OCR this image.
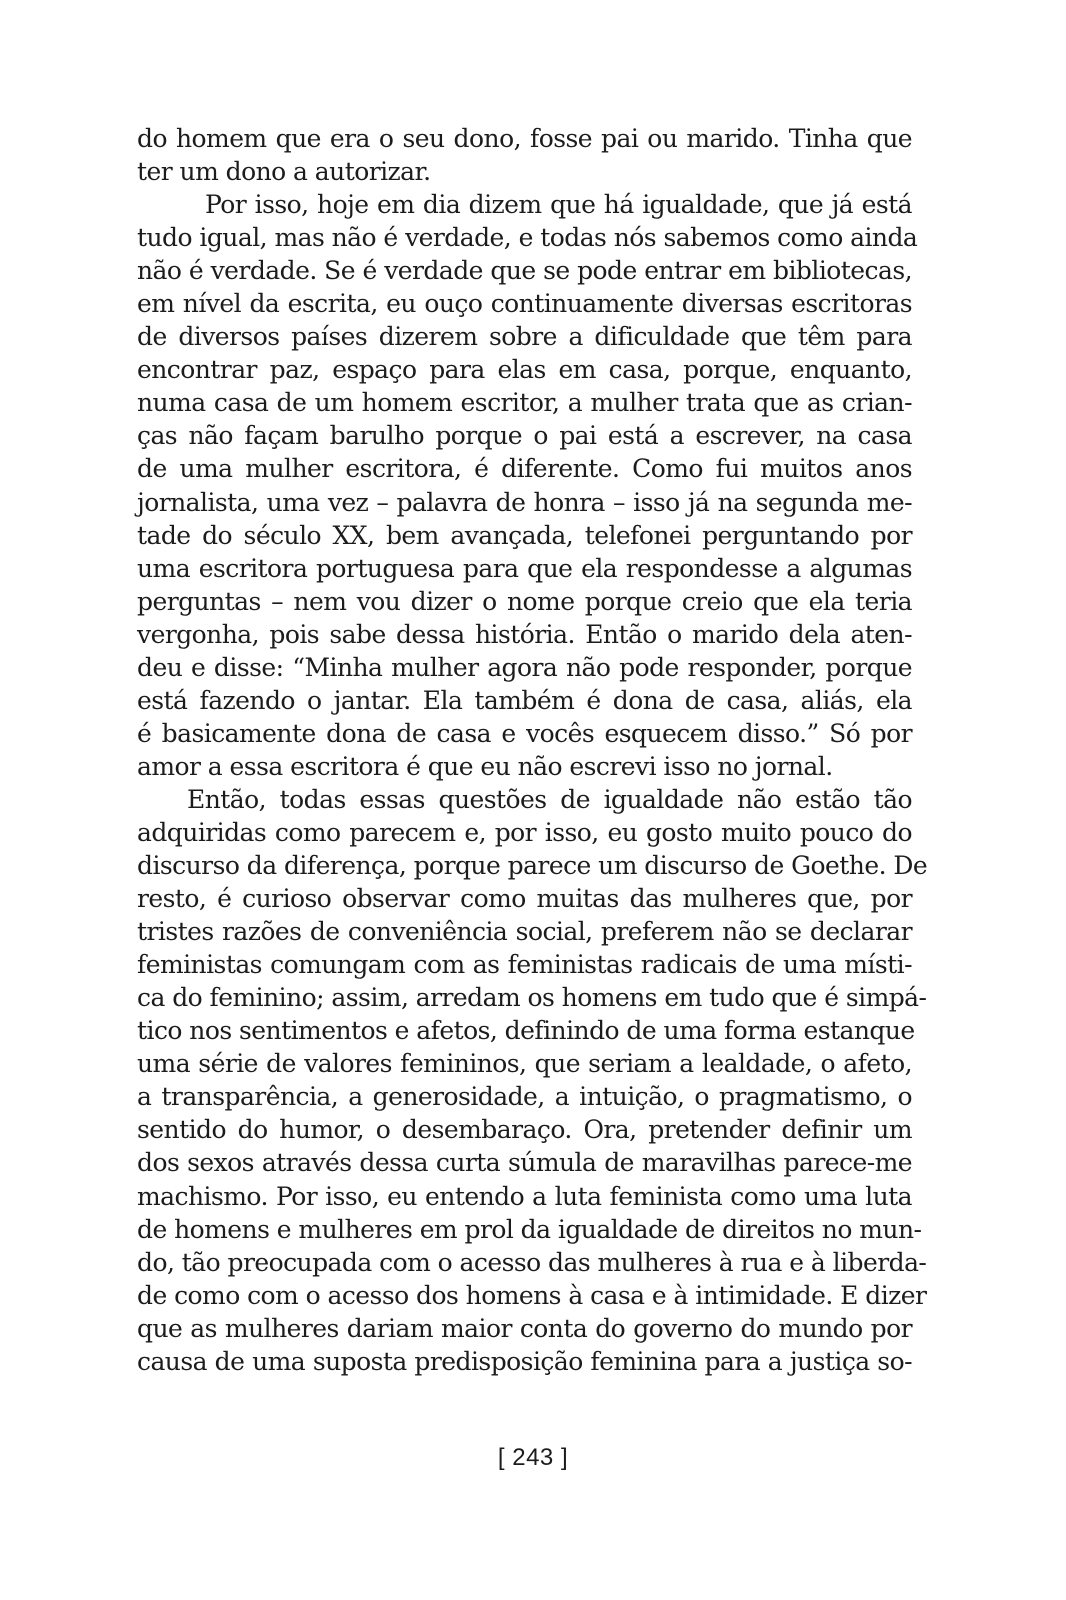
do homem que era o seu dono, fosse pai ou marido. Tinha que
ter um dono a autorizar.
Por isso, hoje em dia dizem que há igualdade, que já está
tudo igual, mas não é verdade, e todas nós sabemos como ainda
não é verdade. Se é verdade que se pode entrar em bibliotecas,
em nível da escrita, eu ouço continuamente diversas escritoras
de diversos países dizerem sobre a dificuldade que têm para
encontrar paz, espaço para elas em casa, porque, enquanto,
numa casa de um homem escritor, a mulher trata que as crian-
ças não façam barulho porque o pai está a escrever, na casa
de uma mulher escritora, é diferente. Como fui muitos anos
jornalista, uma vez – palavra de honra – isso já na segunda me-
tade do século XX, bem avançada, telefonei perguntando por
uma escritora portuguesa para que ela respondesse a algumas
perguntas – nem vou dizer o nome porque creio que ela teria
vergonha, pois sabe dessa história. Então o marido dela aten-
deu e disse: “Minha mulher agora não pode responder, porque
está fazendo o jantar. Ela também é dona de casa, aliás, ela
é basicamente dona de casa e vocês esquecem disso.” Só por
amor a essa escritora é que eu não escrevi isso no jornal.
Então, todas essas questões de igualdade não estão tão
adquiridas como parecem e, por isso, eu gosto muito pouco do
discurso da diferença, porque parece um discurso de Goethe. De
resto, é curioso observar como muitas das mulheres que, por
tristes razões de conveniência social, preferem não se declarar
feministas comungam com as feministas radicais de uma místi-
ca do feminino; assim, arredam os homens em tudo que é simpá-
tico nos sentimentos e afetos, definindo de uma forma estanque
uma série de valores femininos, que seriam a lealdade, o afeto,
a transparência, a generosidade, a intuição, o pragmatismo, o
sentido do humor, o desembaraço. Ora, pretender definir um
dos sexos através dessa curta súmula de maravilhas parece-me
machismo. Por isso, eu entendo a luta feminista como uma luta
de homens e mulheres em prol da igualdade de direitos no mun-
do, tão preocupada com o acesso das mulheres à rua e à liberda-
de como com o acesso dos homens à casa e à intimidade. E dizer
que as mulheres dariam maior conta do governo do mundo por
causa de uma suposta predisposição feminina para a justiça so-
[ 243 ]
